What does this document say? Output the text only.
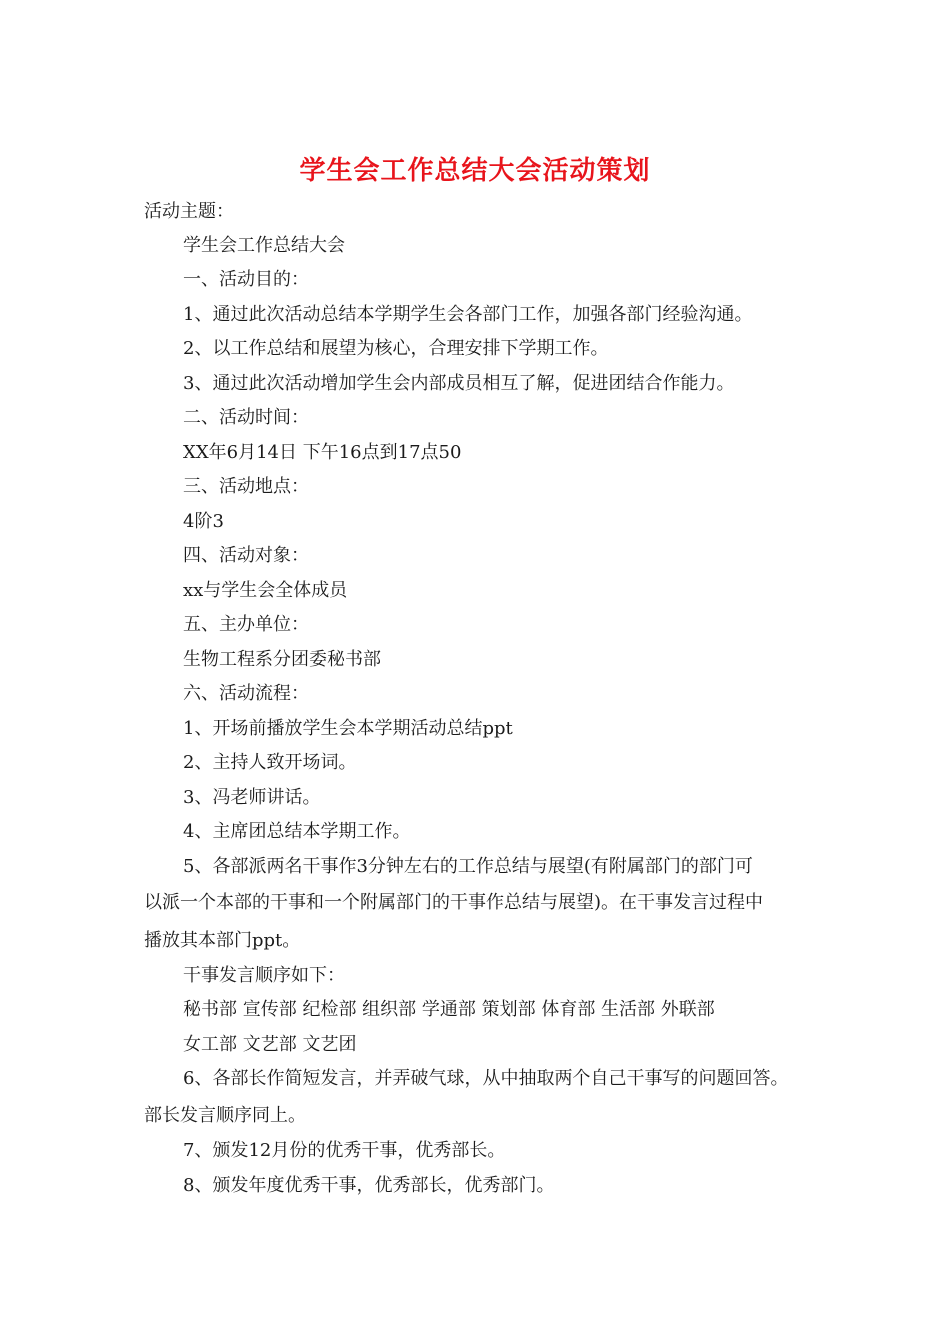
学生会工作总结大会活动策划
活动主题：
学生会工作总结大会
一、活动目的：
1、通过此次活动总结本学期学生会各部门工作，加强各部门经验沟通。
2、以工作总结和展望为核心，合理安排下学期工作。
3、通过此次活动增加学生会内部成员相互了解，促进团结合作能力。
二、活动时间：
XX年6月14日 下午16点到17点50
三、活动地点：
4阶3
四、活动对象：
xx与学生会全体成员
五、主办单位：
生物工程系分团委秘书部
六、活动流程：
1、开场前播放学生会本学期活动总结ppt
2、主持人致开场词。
3、冯老师讲话。
4、主席团总结本学期工作。
5、各部派两名干事作3分钟左右的工作总结与展望(有附属部门的部门可
以派一个本部的干事和一个附属部门的干事作总结与展望)。在干事发言过程中
播放其本部门ppt。
干事发言顺序如下：
秘书部 宣传部 纪检部 组织部 学通部 策划部 体育部 生活部 外联部
女工部 文艺部 文艺团
6、各部长作简短发言，并弄破气球，从中抽取两个自己干事写的问题回答。
部长发言顺序同上。
7、颁发12月份的优秀干事，优秀部长。
8、颁发年度优秀干事，优秀部长，优秀部门。
